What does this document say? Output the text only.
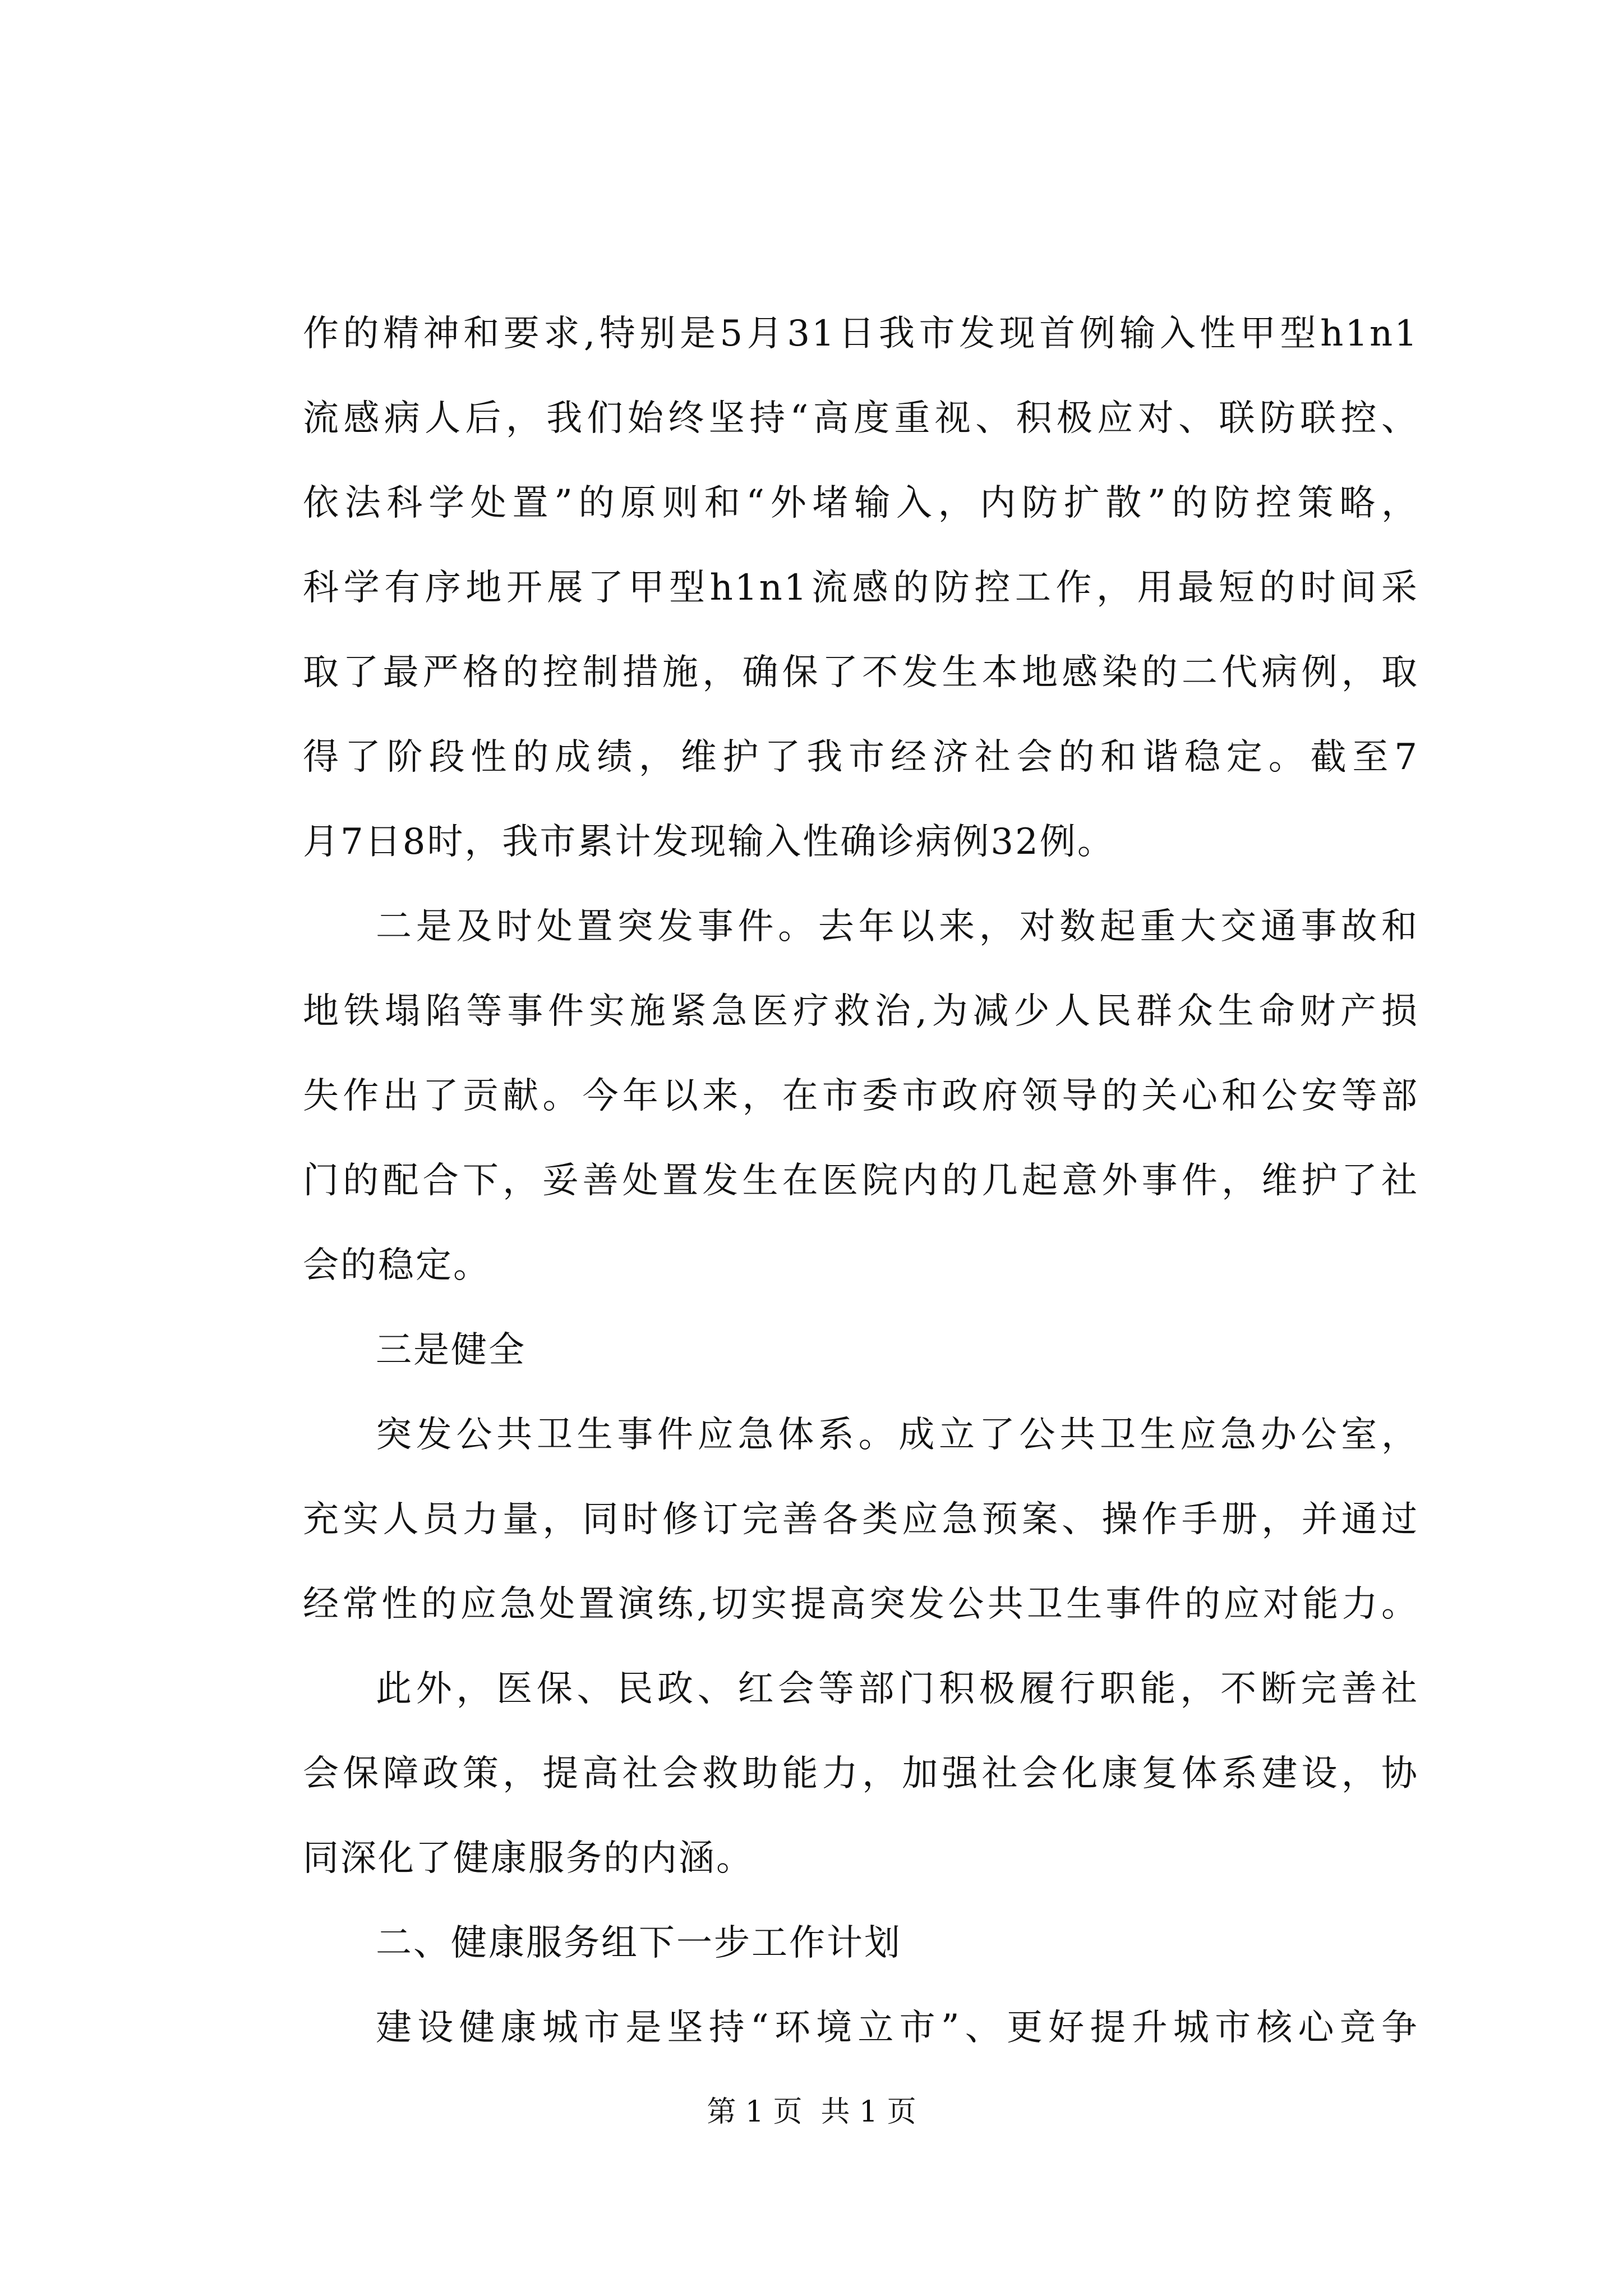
作的精神和要求,特别是5月31日我市发现首例输入性甲型h1n1
流感病人后，我们始终坚持“高度重视、积极应对、联防联控、
依法科学处置”的原则和“外堵输入，内防扩散”的防控策略，
科学有序地开展了甲型h1n1流感的防控工作，用最短的时间采
取了最严格的控制措施，确保了不发生本地感染的二代病例，取
得了阶段性的成绩，维护了我市经济社会的和谐稳定。截至7
月7日8时，我市累计发现输入性确诊病例32例。
二是及时处置突发事件。去年以来，对数起重大交通事故和
地铁塌陷等事件实施紧急医疗救治,为减少人民群众生命财产损
失作出了贡献。今年以来，在市委市政府领导的关心和公安等部
门的配合下，妥善处置发生在医院内的几起意外事件，维护了社
会的稳定。
三是健全
突发公共卫生事件应急体系。成立了公共卫生应急办公室，
充实人员力量，同时修订完善各类应急预案、操作手册，并通过
经常性的应急处置演练,切实提高突发公共卫生事件的应对能力。
此外，医保、民政、红会等部门积极履行职能，不断完善社
会保障政策，提高社会救助能力，加强社会化康复体系建设，协
同深化了健康服务的内涵。
二、健康服务组下一步工作计划
建设健康城市是坚持“环境立市”、更好提升城市核心竞争
第 1 页  共 1 页
